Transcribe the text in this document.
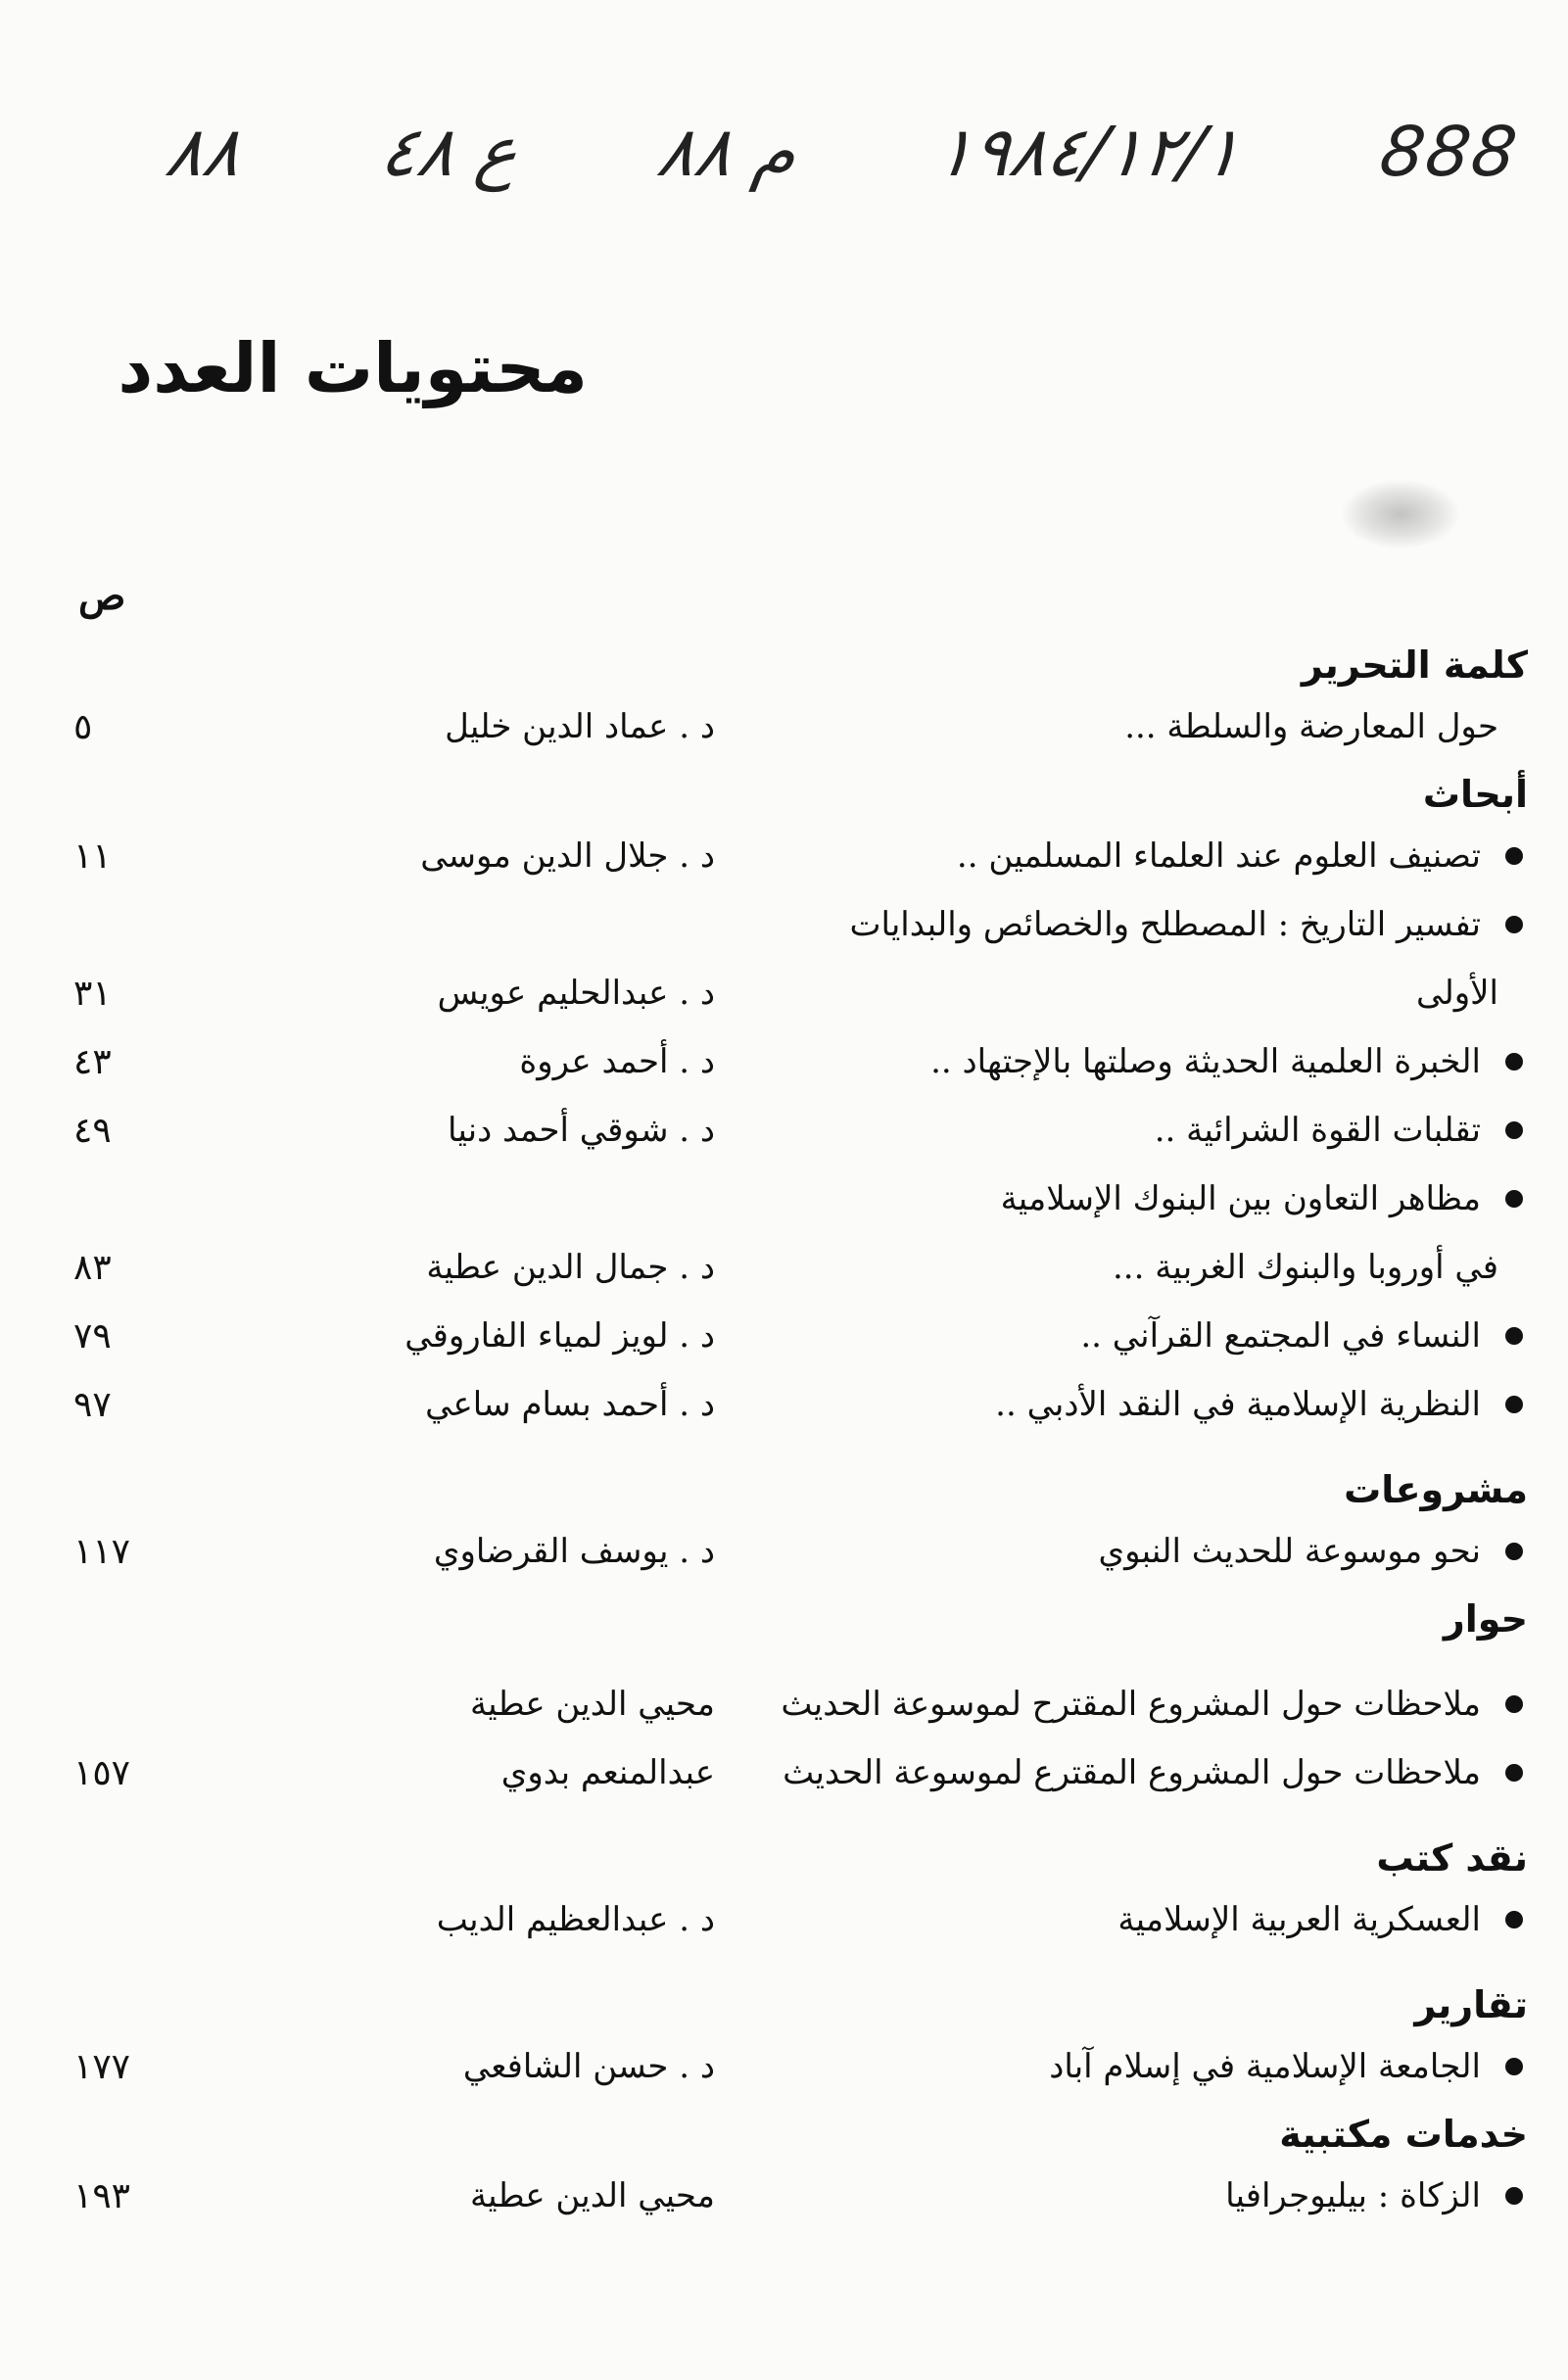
888
١٩٨٤/١٢/١
م ٨٨
ع ٤٨
٨٨
محتويات العدد
ص
كلمة التحرير
حول المعارضة والسلطة ...
د . عماد الدين خليل
٥
أبحاث
تصنيف العلوم عند العلماء المسلمين ..
د . جلال الدين موسى
١١
تفسير التاريخ : المصطلح والخصائص والبدايات
الأولى
د . عبدالحليم عويس
٣١
الخبرة العلمية الحديثة وصلتها بالإجتهاد ..
د . أحمد عروة
٤٣
تقلبات القوة الشرائية ..
د . شوقي أحمد دنيا
٤٩
مظاهر التعاون بين البنوك الإسلامية
في أوروبا والبنوك الغربية ...
د . جمال الدين عطية
٨٣
النساء في المجتمع القرآني ..
د . لويز لمياء الفاروقي
٧٩
النظرية الإسلامية في النقد الأدبي ..
د . أحمد بسام ساعي
٩٧
مشروعات
نحو موسوعة للحديث النبوي
د . يوسف القرضاوي
١١٧
حوار
ملاحظات حول المشروع المقترح لموسوعة الحديث
محيي الدين عطية
ملاحظات حول المشروع المقترع لموسوعة الحديث
عبدالمنعم بدوي
١٥٧
نقد كتب
العسكرية العربية الإسلامية
د . عبدالعظيم الديب
تقارير
الجامعة الإسلامية في إسلام آباد
د . حسن الشافعي
١٧٧
خدمات مكتبية
الزكاة : بيليوجرافيا
محيي الدين عطية
١٩٣
